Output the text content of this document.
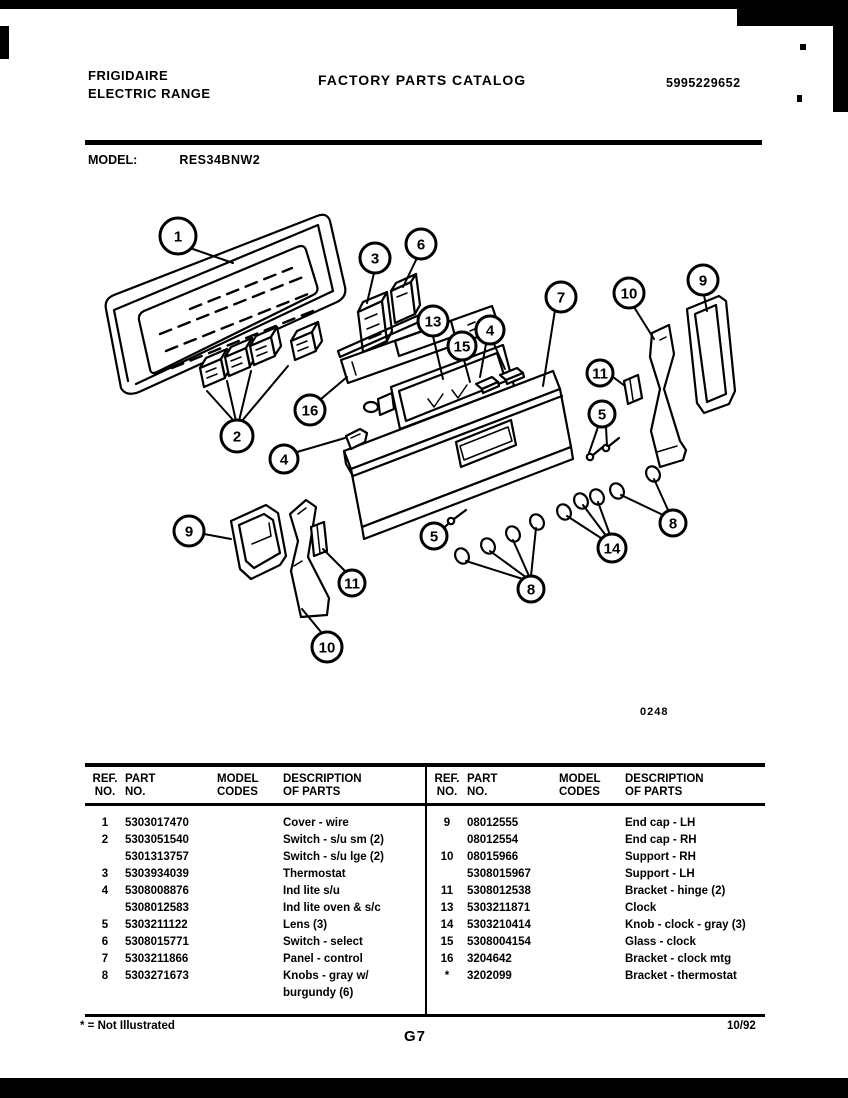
FRIGIDAIRE
ELECTRIC RANGE
FACTORY PARTS CATALOG	5995229652
MODEL:	RES34BNW2
1
2
3
6
16
13
15
4
7	10
9
11
5
4
5
9
11
10
8
14
8
0248
REF.
NO.

PART
NO.

MODEL
CODES

DESCRIPTION
OF PARTS

1	5303017470		Cover - wire
2	5303051540		Switch - s/u sm (2)
	5301313757		Switch - s/u lge (2)
3	5303934039		Thermostat
4	5308008876		Ind lite s/u
	5308012583		Ind lite oven & s/c
5	5303211122		Lens (3)
6	5308015771		Switch - select
7	5303211866		Panel - control
8	5303271673		Knobs - gray w/ burgundy (6)
REF.
NO.

PART
NO.

MODEL
CODES

DESCRIPTION
OF PARTS

9	08012555		End cap - LH
	08012554		End cap - RH
10	08015966		Support - RH
	5308015967		Support - LH
11	5308012538		Bracket - hinge (2)
13	5303211871		Clock
14	5303210414		Knob - clock - gray (3)
15	5308004154		Glass - clock
16	3204642		Bracket - clock mtg
*	3202099		Bracket - thermostat
* = Not Illustrated
G7
10/92
